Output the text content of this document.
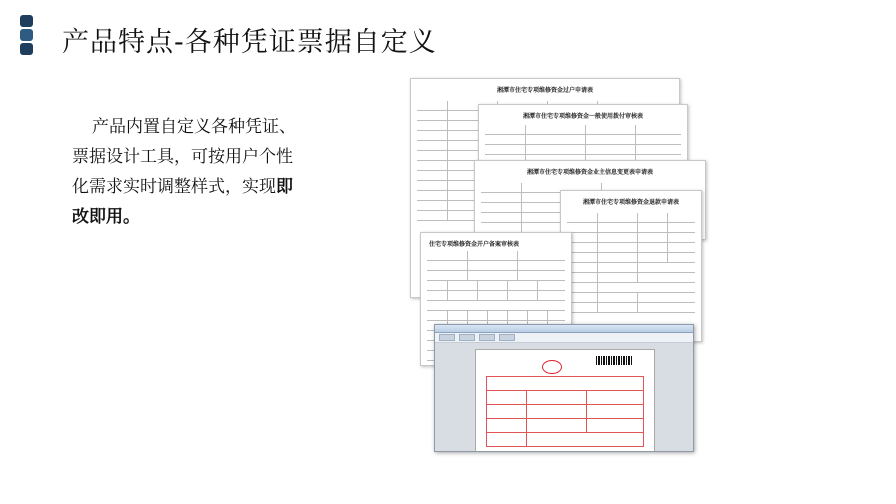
产品特点-各种凭证票据自定义
产品内置自定义各种凭证、票据设计工具，可按用户个性化需求实时调整样式，实现即改即用。
湘潭市住宅专项维修资金过户申请表
湘潭市住宅专项维修资金一般使用拨付审核表
湘潭市住宅专项维修资金业主信息变更表申请表
湘潭市住宅专项维修资金退款申请表
住宅专项维修资金开户备案审核表
